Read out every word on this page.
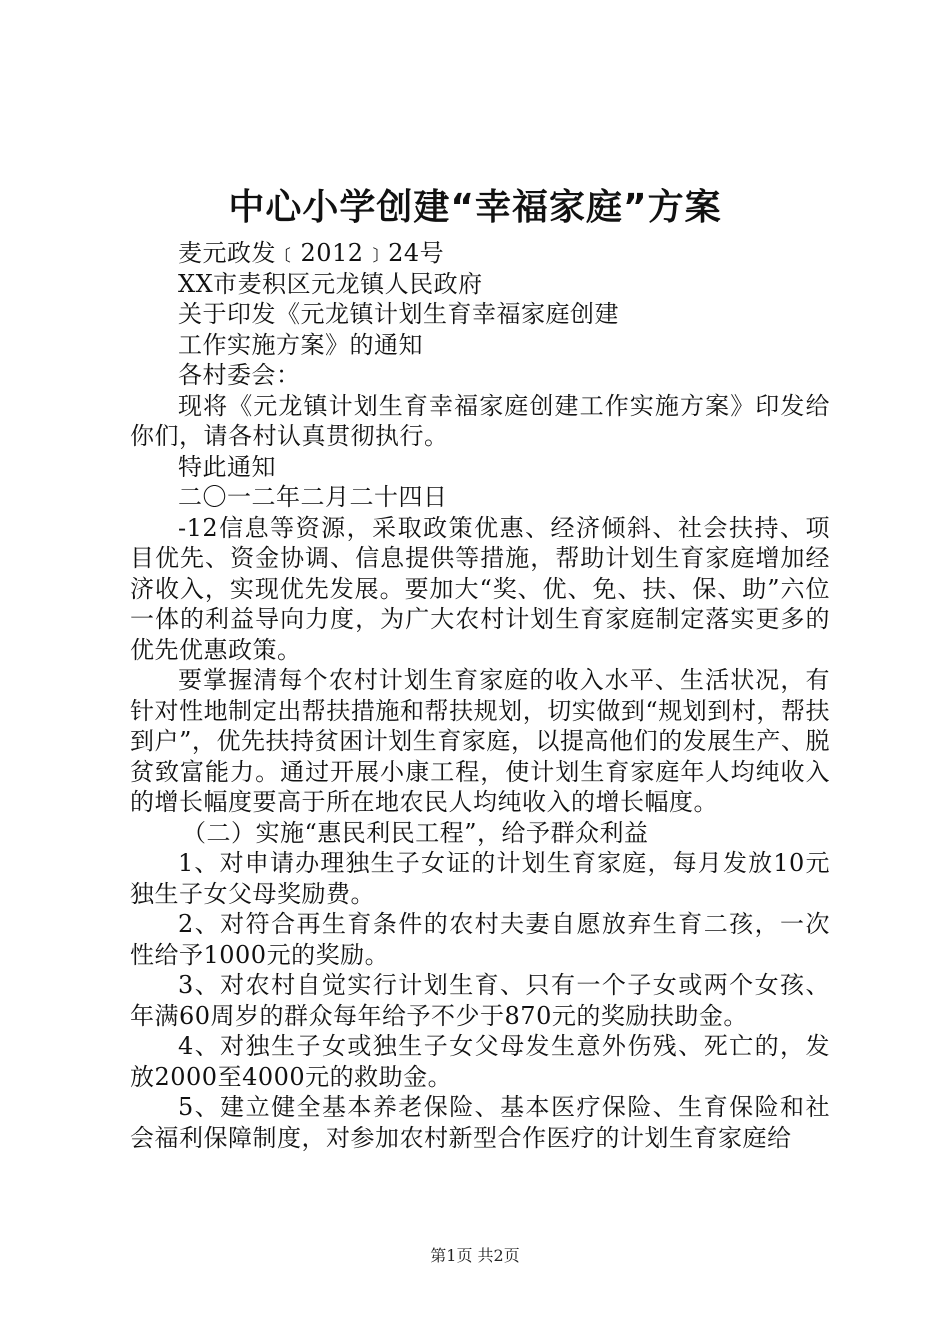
中心小学创建“幸福家庭”方案
麦元政发﹝2012﹞24号
XX市麦积区元龙镇人民政府
关于印发《元龙镇计划生育幸福家庭创建
工作实施方案》的通知
各村委会：
现将《元龙镇计划生育幸福家庭创建工作实施方案》印发给你们，请各村认真贯彻执行。
特此通知
二〇一二年二月二十四日
-12信息等资源，采取政策优惠、经济倾斜、社会扶持、项目优先、资金协调、信息提供等措施，帮助计划生育家庭增加经济收入，实现优先发展。要加大“奖、优、免、扶、保、助”六位一体的利益导向力度，为广大农村计划生育家庭制定落实更多的优先优惠政策。
要掌握清每个农村计划生育家庭的收入水平、生活状况，有针对性地制定出帮扶措施和帮扶规划，切实做到“规划到村，帮扶到户”，优先扶持贫困计划生育家庭，以提高他们的发展生产、脱贫致富能力。通过开展小康工程，使计划生育家庭年人均纯收入的增长幅度要高于所在地农民人均纯收入的增长幅度。
（二）实施“惠民利民工程”，给予群众利益
1、对申请办理独生子女证的计划生育家庭，每月发放10元独生子女父母奖励费。
2、对符合再生育条件的农村夫妻自愿放弃生育二孩，一次性给予1000元的奖励。
3、对农村自觉实行计划生育、只有一个子女或两个女孩、年满60周岁的群众每年给予不少于870元的奖励扶助金。
4、对独生子女或独生子女父母发生意外伤残、死亡的，发放2000至4000元的救助金。
5、建立健全基本养老保险、基本医疗保险、生育保险和社会福利保障制度，对参加农村新型合作医疗的计划生育家庭给
第1页 共2页
